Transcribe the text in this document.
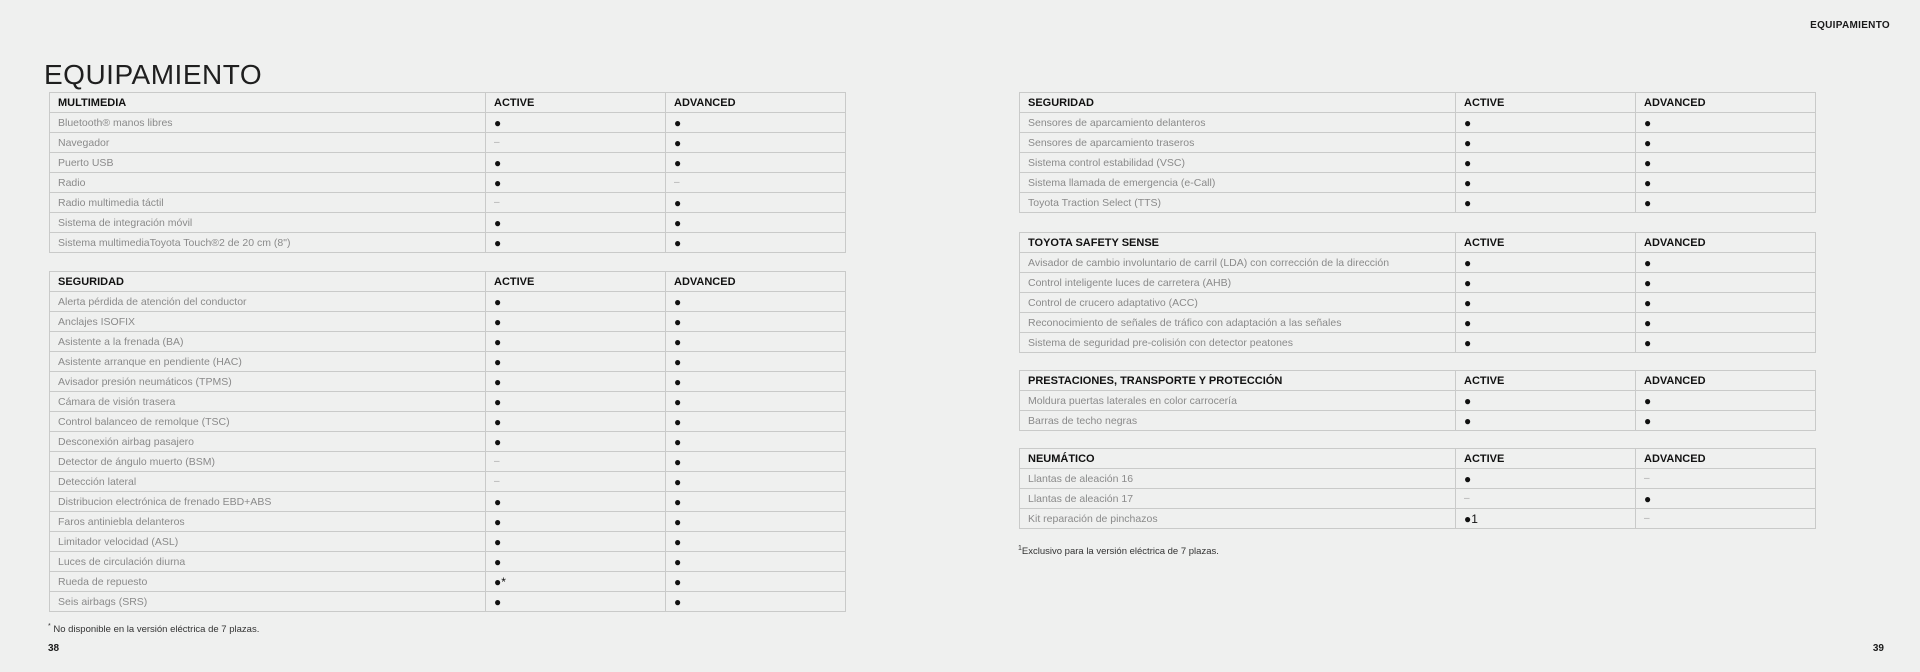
EQUIPAMIENTO
EQUIPAMIENTO
MULTIMEDIA	ACTIVE	ADVANCED
Bluetooth® manos libres	●	●
Navegador	–	●
Puerto USB	●	●
Radio	●	–
Radio multimedia táctil	–	●
Sistema de integración móvil	●	●
Sistema multimediaToyota Touch®2 de 20 cm (8")	●	●
SEGURIDAD	ACTIVE	ADVANCED
Alerta pérdida de atención del conductor	●	●
Anclajes ISOFIX	●	●
Asistente a la frenada (BA)	●	●
Asistente arranque en pendiente (HAC)	●	●
Avisador presión neumáticos (TPMS)	●	●
Cámara de visión trasera	●	●
Control balanceo de remolque (TSC)	●	●
Desconexión airbag pasajero	●	●
Detector de ángulo muerto (BSM)	–	●
Detección lateral	–	●
Distribucion electrónica de frenado EBD+ABS	●	●
Faros antiniebla delanteros	●	●
Limitador velocidad (ASL)	●	●
Luces de circulación diurna	●	●
Rueda de repuesto	●*	●
Seis airbags (SRS)	●	●
* No disponible en la versión eléctrica de 7 plazas.
38
SEGURIDAD	ACTIVE	ADVANCED
Sensores de aparcamiento delanteros	●	●
Sensores de aparcamiento traseros	●	●
Sistema control estabilidad (VSC)	●	●
Sistema llamada de emergencia (e-Call)	●	●
Toyota Traction Select (TTS)	●	●
TOYOTA SAFETY SENSE	ACTIVE	ADVANCED
Avisador de cambio involuntario de carril (LDA) con corrección de la dirección	●	●
Control inteligente luces de carretera (AHB)	●	●
Control de crucero adaptativo (ACC)	●	●
Reconocimiento de señales de tráfico con adaptación a las señales	●	●
Sistema de seguridad pre-colisión con detector peatones	●	●
PRESTACIONES, TRANSPORTE Y PROTECCIÓN	ACTIVE	ADVANCED
Moldura puertas laterales en color carrocería	●	●
Barras de techo negras	●	●
NEUMÁTICO	ACTIVE	ADVANCED
Llantas de aleación 16	●	–
Llantas de aleación 17	–	●
Kit reparación de pinchazos	●1	–
$^1$Exclusivo para la versión eléctrica de 7 plazas.
39
